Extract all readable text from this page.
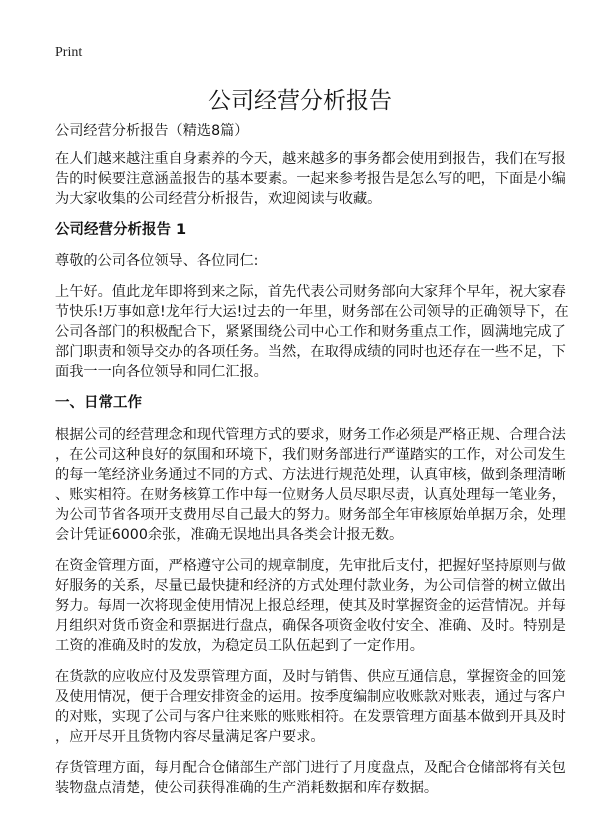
Print
公司经营分析报告

公司经营分析报告（精选8篇）

在人们越来越注重自身素养的今天，越来越多的事务都会使用到报告，我们在写报
告的时候要注意涵盖报告的基本要素。一起来参考报告是怎么写的吧，下面是小编
为大家收集的公司经营分析报告，欢迎阅读与收藏。

公司经营分析报告 1

尊敬的公司各位领导、各位同仁:

上午好。值此龙年即将到来之际，首先代表公司财务部向大家拜个早年，祝大家春
节快乐!万事如意!龙年行大运!过去的一年里，财务部在公司领导的正确领导下，在
公司各部门的积极配合下，紧紧围绕公司中心工作和财务重点工作，圆满地完成了
部门职责和领导交办的各项任务。当然，在取得成绩的同时也还存在一些不足，下
面我一一向各位领导和同仁汇报。

一、日常工作

根据公司的经营理念和现代管理方式的要求，财务工作必须是严格正规、合理合法
，在公司这种良好的氛围和环境下，我们财务部进行严谨踏实的工作，对公司发生
的每一笔经济业务通过不同的方式、方法进行规范处理，认真审核，做到条理清晰
、账实相符。在财务核算工作中每一位财务人员尽职尽责，认真处理每一笔业务，
为公司节省各项开支费用尽自己最大的努力。财务部全年审核原始单据万余，处理
会计凭证6000余张，准确无误地出具各类会计报无数。

在资金管理方面，严格遵守公司的规章制度，先审批后支付，把握好坚持原则与做
好服务的关系，尽量已最快捷和经济的方式处理付款业务，为公司信誉的树立做出
努力。每周一次将现金使用情况上报总经理，使其及时掌握资金的运营情况。并每
月组织对货币资金和票据进行盘点，确保各项资金收付安全、准确、及时。特别是
工资的准确及时的发放，为稳定员工队伍起到了一定作用。

在货款的应收应付及发票管理方面，及时与销售、供应互通信息，掌握资金的回笼
及使用情况，便于合理安排资金的运用。按季度编制应收账款对账表，通过与客户
的对账，实现了公司与客户往来账的账账相符。在发票管理方面基本做到开具及时
，应开尽开且货物内容尽量满足客户要求。

存货管理方面，每月配合仓储部生产部门进行了月度盘点，及配合仓储部将有关包
装物盘点清楚，使公司获得准确的生产消耗数据和库存数据。
